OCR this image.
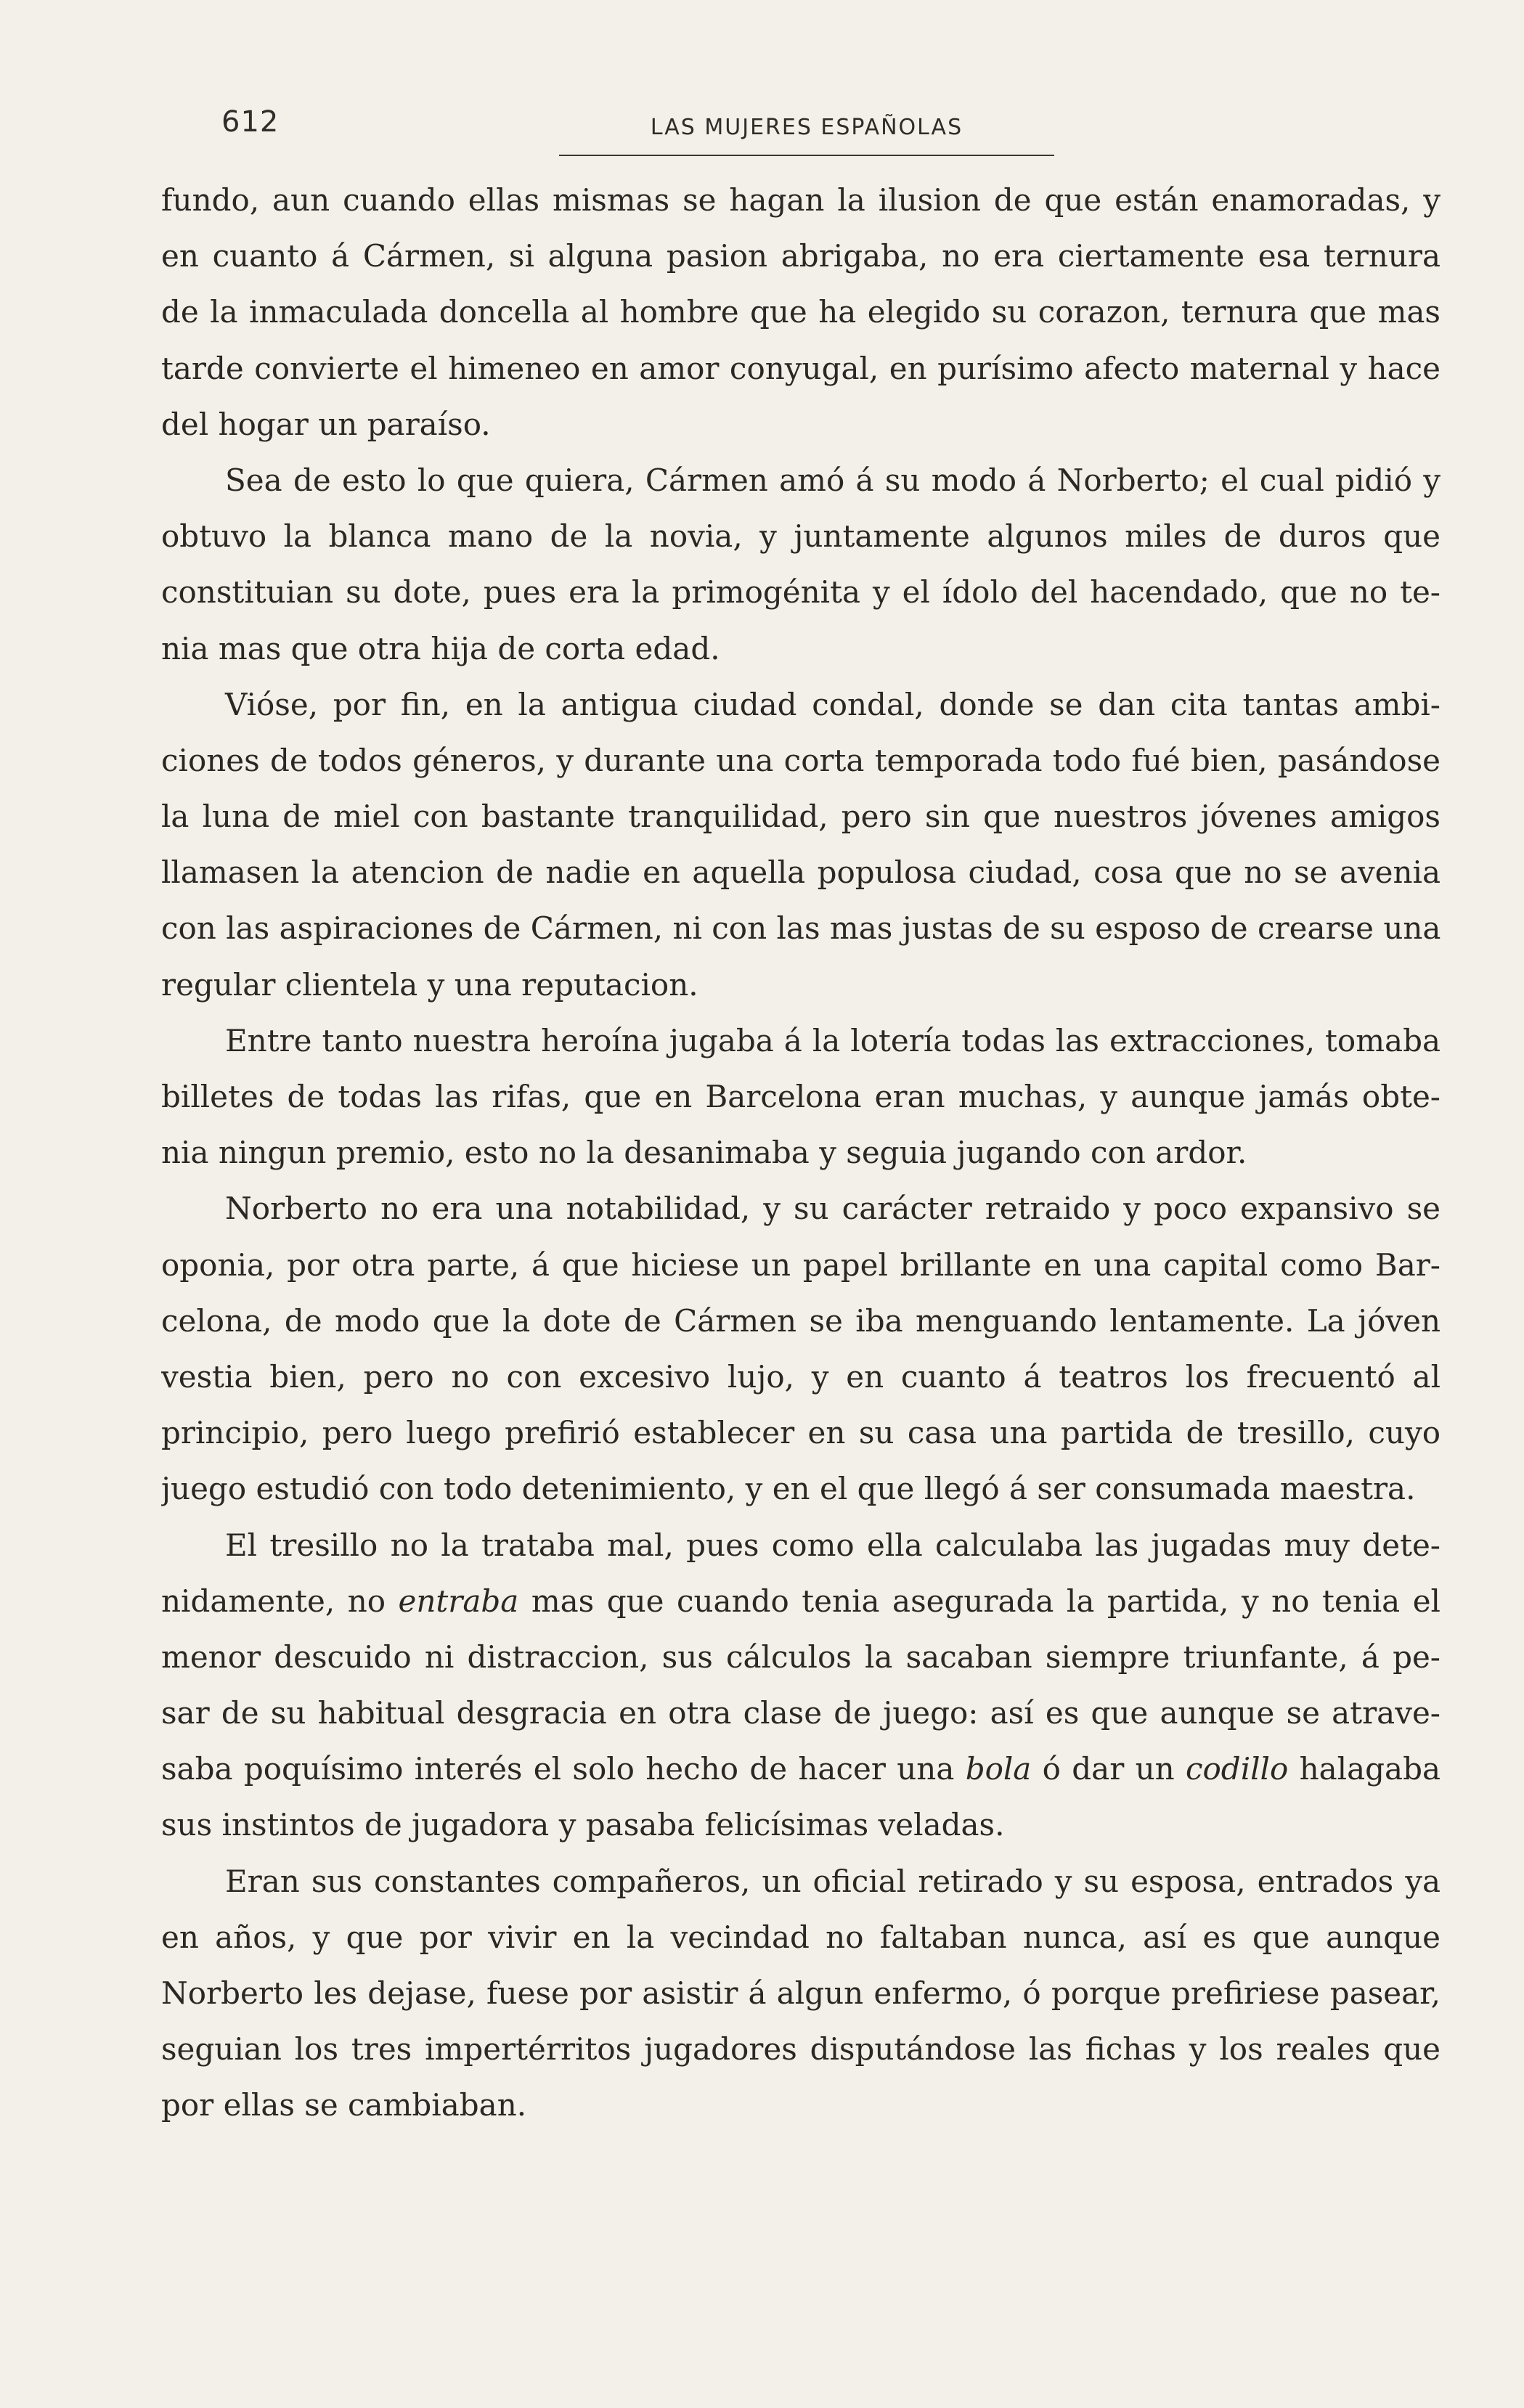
612	LAS MUJERES ESPAÑOLAS
fundo, aun cuando ellas mismas se hagan la ilusion de que están enamoradas, y
en cuanto á Cármen, si alguna pasion abrigaba, no era ciertamente esa ternura
de la inmaculada doncella al hombre que ha elegido su corazon, ternura que mas
tarde convierte el himeneo en amor conyugal, en purísimo afecto maternal y hace
del hogar un paraíso.
Sea de esto lo que quiera, Cármen amó á su modo á Norberto; el cual pidió y
obtuvo la blanca mano de la novia, y juntamente algunos miles de duros que
constituian su dote, pues era la primogénita y el ídolo del hacendado, que no te-
nia mas que otra hija de corta edad.
Vióse, por fin, en la antigua ciudad condal, donde se dan cita tantas ambi-
ciones de todos géneros, y durante una corta temporada todo fué bien, pasándose
la luna de miel con bastante tranquilidad, pero sin que nuestros jóvenes amigos
llamasen la atencion de nadie en aquella populosa ciudad, cosa que no se avenia
con las aspiraciones de Cármen, ni con las mas justas de su esposo de crearse una
regular clientela y una reputacion.
Entre tanto nuestra heroína jugaba á la lotería todas las extracciones, tomaba
billetes de todas las rifas, que en Barcelona eran muchas, y aunque jamás obte-
nia ningun premio, esto no la desanimaba y seguia jugando con ardor.
Norberto no era una notabilidad, y su carácter retraido y poco expansivo se
oponia, por otra parte, á que hiciese un papel brillante en una capital como Bar-
celona, de modo que la dote de Cármen se iba menguando lentamente. La jóven
vestia bien, pero no con excesivo lujo, y en cuanto á teatros los frecuentó al
principio, pero luego prefirió establecer en su casa una partida de tresillo, cuyo
juego estudió con todo detenimiento, y en el que llegó á ser consumada maestra.
El tresillo no la trataba mal, pues como ella calculaba las jugadas muy dete-
nidamente, no entraba mas que cuando tenia asegurada la partida, y no tenia el
menor descuido ni distraccion, sus cálculos la sacaban siempre triunfante, á pe-
sar de su habitual desgracia en otra clase de juego: así es que aunque se atrave-
saba poquísimo interés el solo hecho de hacer una bola ó dar un codillo halagaba
sus instintos de jugadora y pasaba felicísimas veladas.
Eran sus constantes compañeros, un oficial retirado y su esposa, entrados ya
en años, y que por vivir en la vecindad no faltaban nunca, así es que aunque
Norberto les dejase, fuese por asistir á algun enfermo, ó porque prefiriese pasear,
seguian los tres impertérritos jugadores disputándose las fichas y los reales que
por ellas se cambiaban.
